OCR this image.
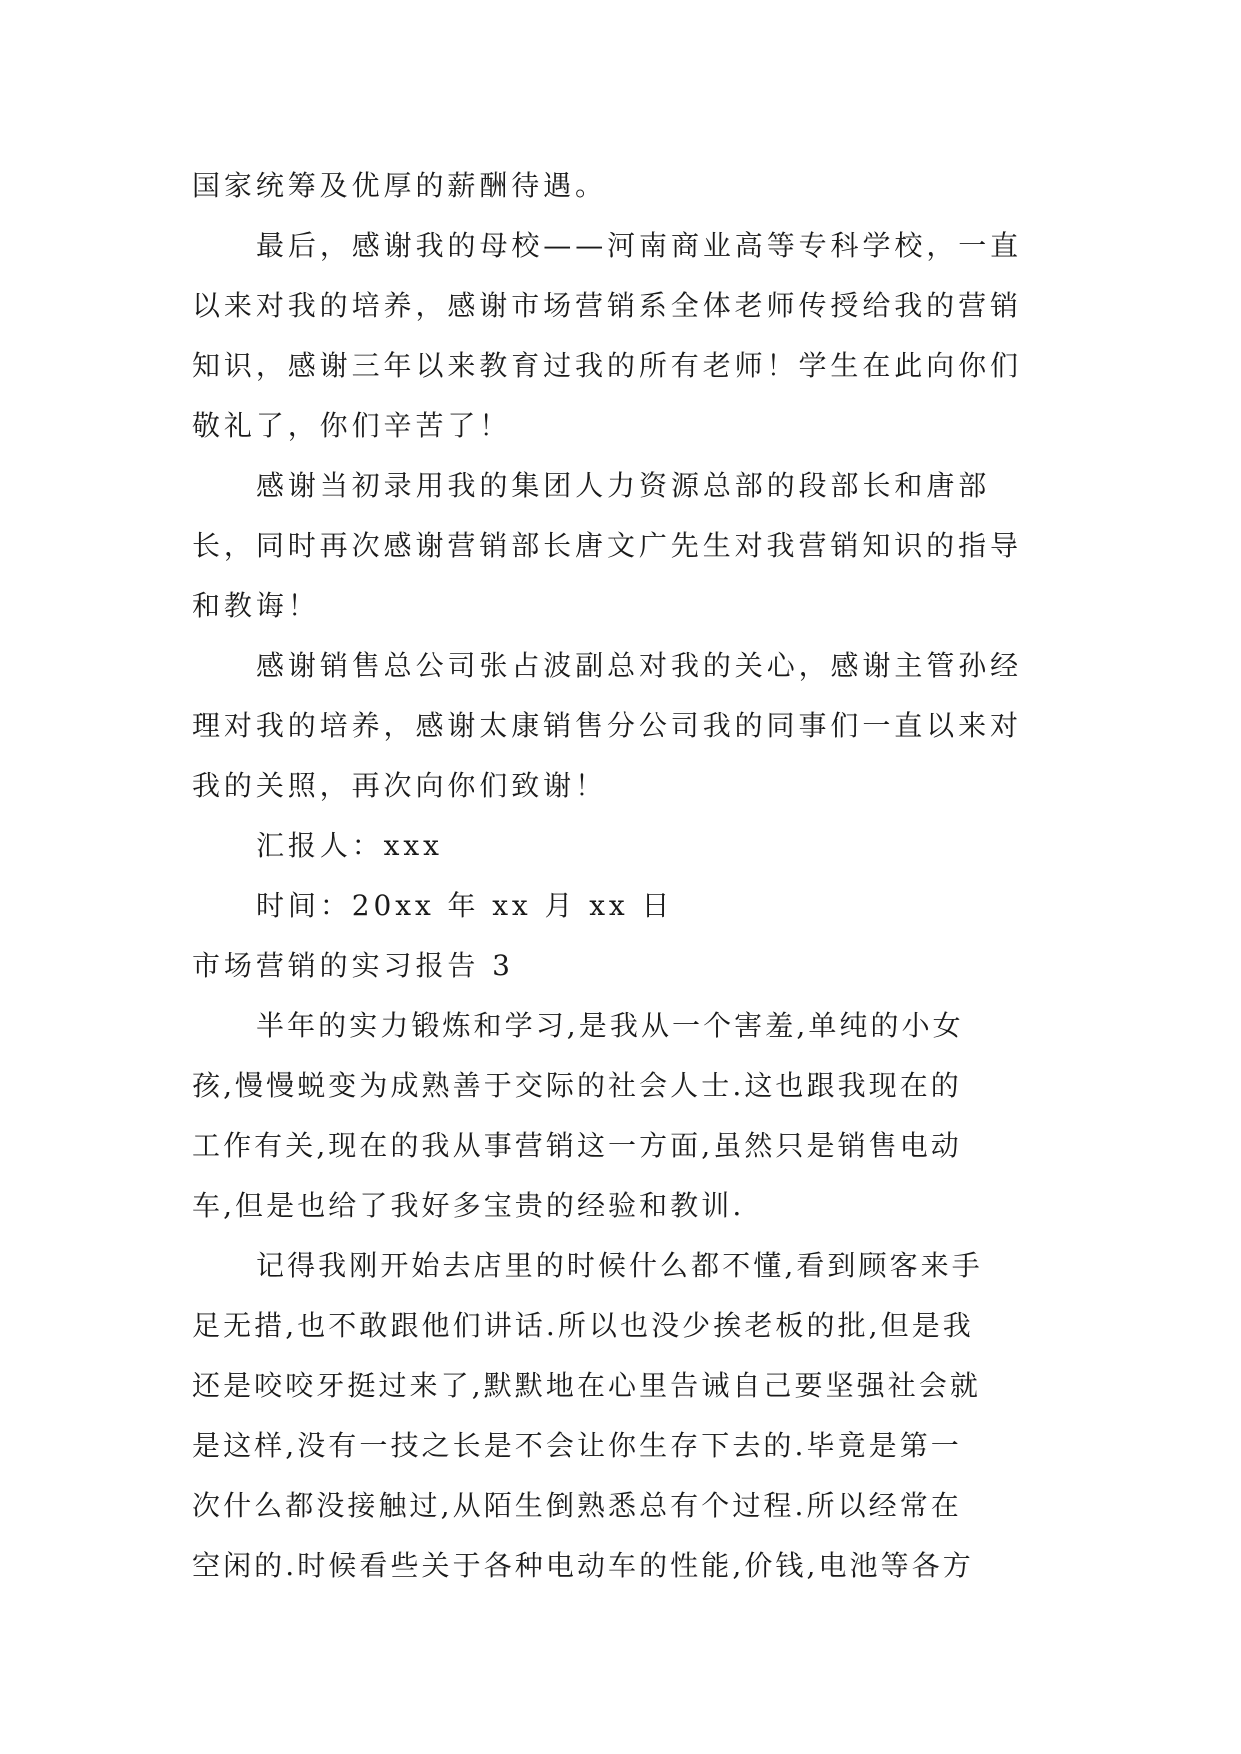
国家统筹及优厚的薪酬待遇。
最后，感谢我的母校——河南商业高等专科学校，一直
以来对我的培养，感谢市场营销系全体老师传授给我的营销
知识，感谢三年以来教育过我的所有老师！学生在此向你们
敬礼了，你们辛苦了！
感谢当初录用我的集团人力资源总部的段部长和唐部
长，同时再次感谢营销部长唐文广先生对我营销知识的指导
和教诲！
感谢销售总公司张占波副总对我的关心，感谢主管孙经
理对我的培养，感谢太康销售分公司我的同事们一直以来对
我的关照，再次向你们致谢！
汇报人：xxx
时间：20xx 年 xx 月 xx 日
市场营销的实习报告 3
半年的实力锻炼和学习,是我从一个害羞,单纯的小女
孩,慢慢蜕变为成熟善于交际的社会人士.这也跟我现在的
工作有关,现在的我从事营销这一方面,虽然只是销售电动
车,但是也给了我好多宝贵的经验和教训.
记得我刚开始去店里的时候什么都不懂,看到顾客来手
足无措,也不敢跟他们讲话.所以也没少挨老板的批,但是我
还是咬咬牙挺过来了,默默地在心里告诫自己要坚强社会就
是这样,没有一技之长是不会让你生存下去的.毕竟是第一
次什么都没接触过,从陌生倒熟悉总有个过程.所以经常在
空闲的.时候看些关于各种电动车的性能,价钱,电池等各方
